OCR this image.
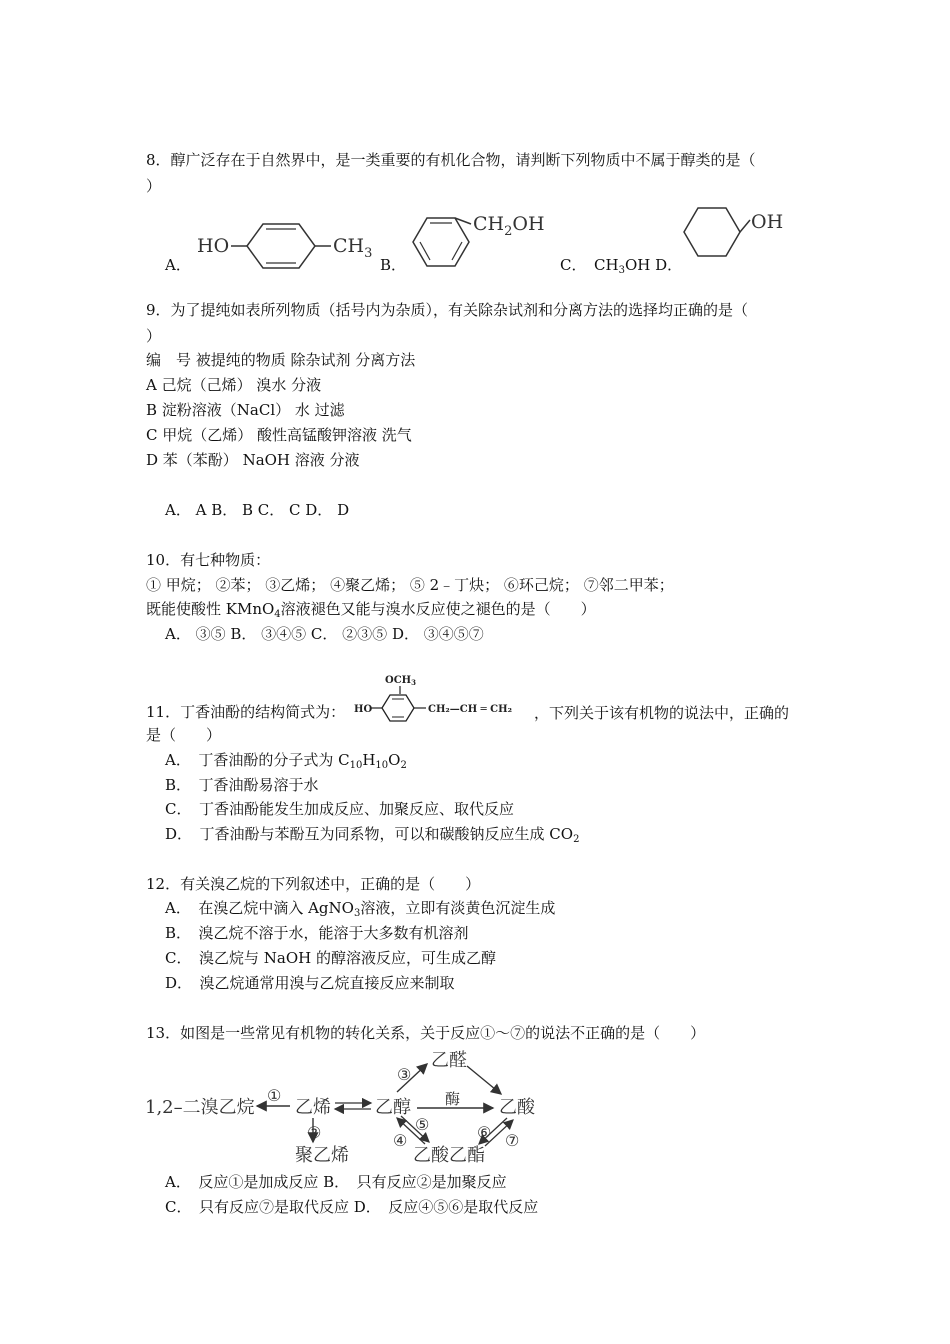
8．醇广泛存在于自然界中，是一类重要的有机化合物，请判断下列物质中不属于醇类的是（
）
A．
HO	$CH_3$
B．
$CH_2OH$
C．　 $CH_3OH$ D．
OH
9．为了提纯如表所列物质（括号内为杂质），有关除杂试剂和分离方法的选择均正确的是（
）
编　号 被提纯的物质 除杂试剂 分离方法
A 己烷（己烯） 溴水 分液
B 淀粉溶液（NaCl） 水 过滤
C 甲烷（乙烯） 酸性高锰酸钾溶液 洗气
D 苯（苯酚） NaOH 溶液 分液
A． A B． B C． C D． D
10．有七种物质：
① 甲烷； ②苯； ③乙烯； ④聚乙烯； ⑤ 2﹣丁炔； ⑥环己烷； ⑦邻二甲苯；
既能使酸性 KMnO$_4$溶液褪色又能与溴水反应使之褪色的是（　　）
A． ③⑤ B． ③④⑤ C． ②③⑤ D． ③④⑤⑦
11．丁香油酚的结构简式为：
$OCH_3$
HO	CH₂—CH ═ CH₂ ，下列关于该有机物的说法中，正确的
是（　　）
A．　丁香油酚的分子式为 $C_{10}H_{10}O_2$
B．　丁香油酚易溶于水
C．　丁香油酚能发生加成反应、加聚反应、取代反应
D．　丁香油酚与苯酚互为同系物，可以和碳酸钠反应生成 $CO_2$
12．有关溴乙烷的下列叙述中，正确的是（　　）
A．　在溴乙烷中滴入 AgNO$_3$溶液，立即有淡黄色沉淀生成
B．　溴乙烷不溶于水，能溶于大多数有机溶剂
C．　溴乙烷与 NaOH 的醇溶液反应，可生成乙醇
D．　溴乙烷通常用溴与乙烷直接反应来制取
13．如图是一些常见有机物的转化关系，关于反应①～⑦的说法不正确的是（　　）
1,2–二溴乙烷 乙烯
聚乙烯
乙醇
乙醛
乙酸
乙酸乙酯
酶
①
②
③
④
⑤	⑥ ⑦
A．　反应①是加成反应 B．　只有反应②是加聚反应
C．　只有反应⑦是取代反应 D．　反应④⑤⑥是取代反应
